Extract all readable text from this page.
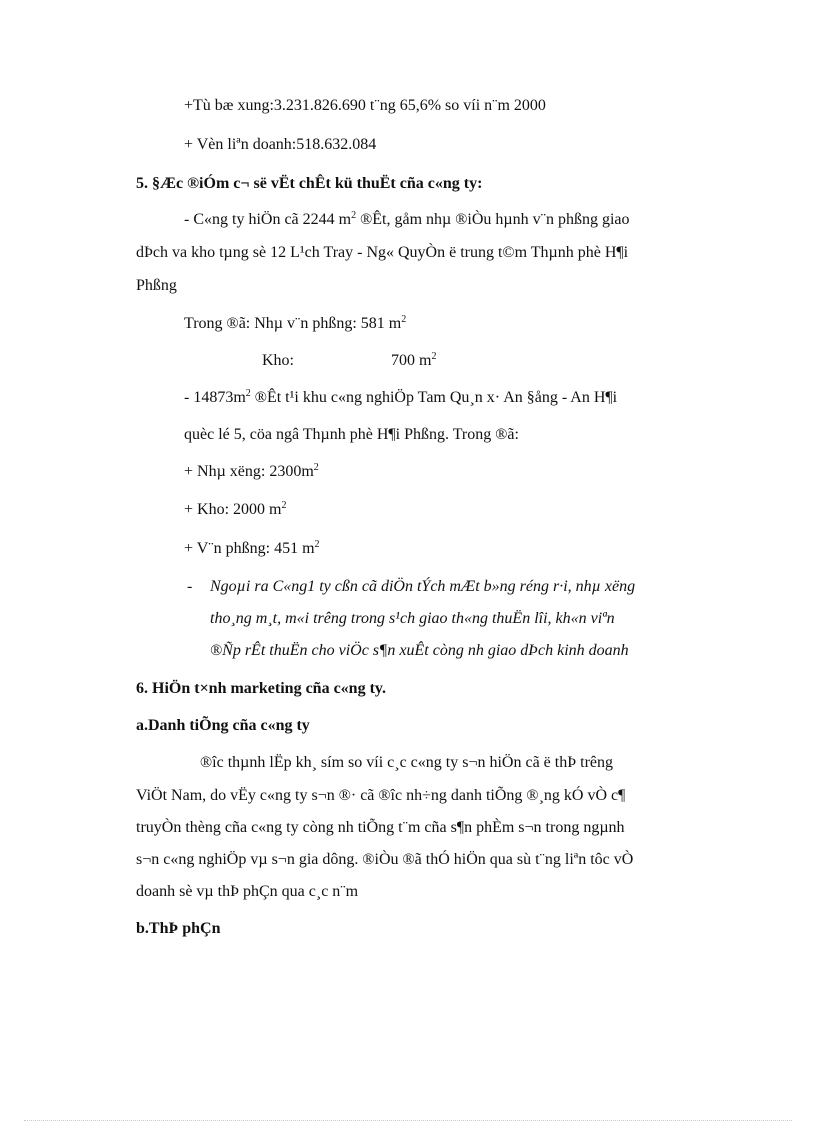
+Tù bæ xung:3.231.826.690 t¨ng 65,6% so víi n¨m 2000
+ Vèn liªn doanh:518.632.084
5. §Æc ®iÓm c¬ së vËt chÊt kü thuËt cña c«ng ty:
- C«ng ty hiÖn cã 2244 $m^2$ ®Êt, gåm nhµ ®iÒu hµnh v¨n phßng giao
dÞch va kho tµng sè 12 L¹ch Tray - Ng« QuyÒn ë trung t©m Thµnh phè H¶i
Phßng
Trong ®ã: Nhµ v¨n phßng: 581 $m^2$
Kho:	700 $m^2$
- $14873m^2$ ®Êt t¹i khu c«ng nghiÖp Tam Qu¸n x· An §ång - An H¶i
quèc lé 5, cöa ngâ Thµnh phè H¶i Phßng. Trong ®ã:
+ Nhµ xëng: $2300m^2$
+ Kho: 2000 $m^2$
+ V¨n phßng: 451 $m^2$
- Ngoµi ra C«ng1 ty cßn cã diÖn tÝch mÆt b»ng réng r·i, nhµ xëng
tho¸ng m¸t, m«i trêng trong s¹ch giao th«ng thuËn lîi, kh«n viªn
®Ñp rÊt thuËn cho viÖc s¶n xuÊt còng nh giao dÞch kinh doanh
6. HiÖn t×nh marketing cña c«ng ty.
a.Danh tiÕng cña c«ng ty
®îc thµnh lËp kh¸ sím so víi c¸c c«ng ty s¬n hiÖn cã ë thÞ trêng
ViÖt Nam, do vËy c«ng ty s¬n ®· cã ®îc nh÷ng danh tiÕng ®¸ng kÓ vÒ c¶
truyÒn thèng cña c«ng ty còng nh tiÕng t¨m cña s¶n phÈm s¬n trong ngµnh
s¬n c«ng nghiÖp vµ s¬n gia dông. ®iÒu ®ã thÓ hiÖn qua sù t¨ng liªn tôc vÒ
doanh sè vµ thÞ phÇn qua c¸c n¨m
b.ThÞ phÇn
